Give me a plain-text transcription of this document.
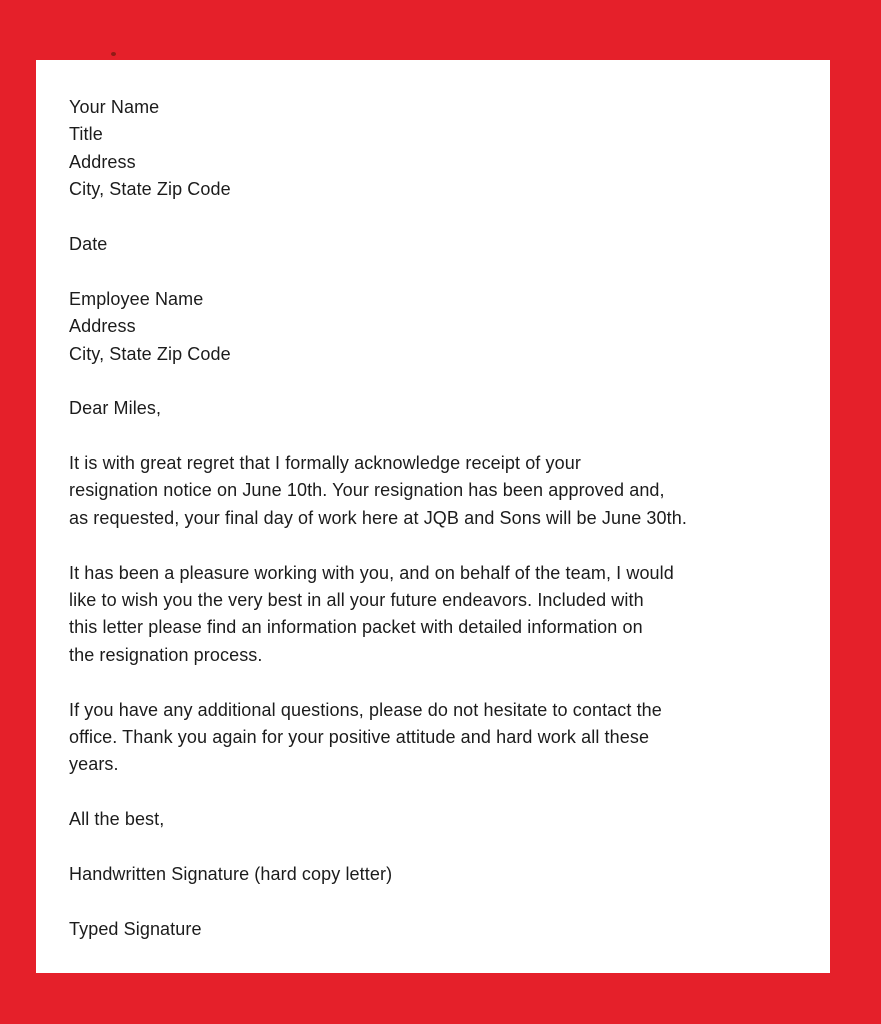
Your Name
Title
Address
City, State Zip Code
Date
Employee Name
Address
City, State Zip Code
Dear Miles,
It is with great regret that I formally acknowledge receipt of your
resignation notice on June 10th. Your resignation has been approved and,
as requested, your final day of work here at JQB and Sons will be June 30th.
It has been a pleasure working with you, and on behalf of the team, I would
like to wish you the very best in all your future endeavors. Included with
this letter please find an information packet with detailed information on
the resignation process.
If you have any additional questions, please do not hesitate to contact the
office. Thank you again for your positive attitude and hard work all these
years.
All the best,
Handwritten Signature (hard copy letter)
Typed Signature
